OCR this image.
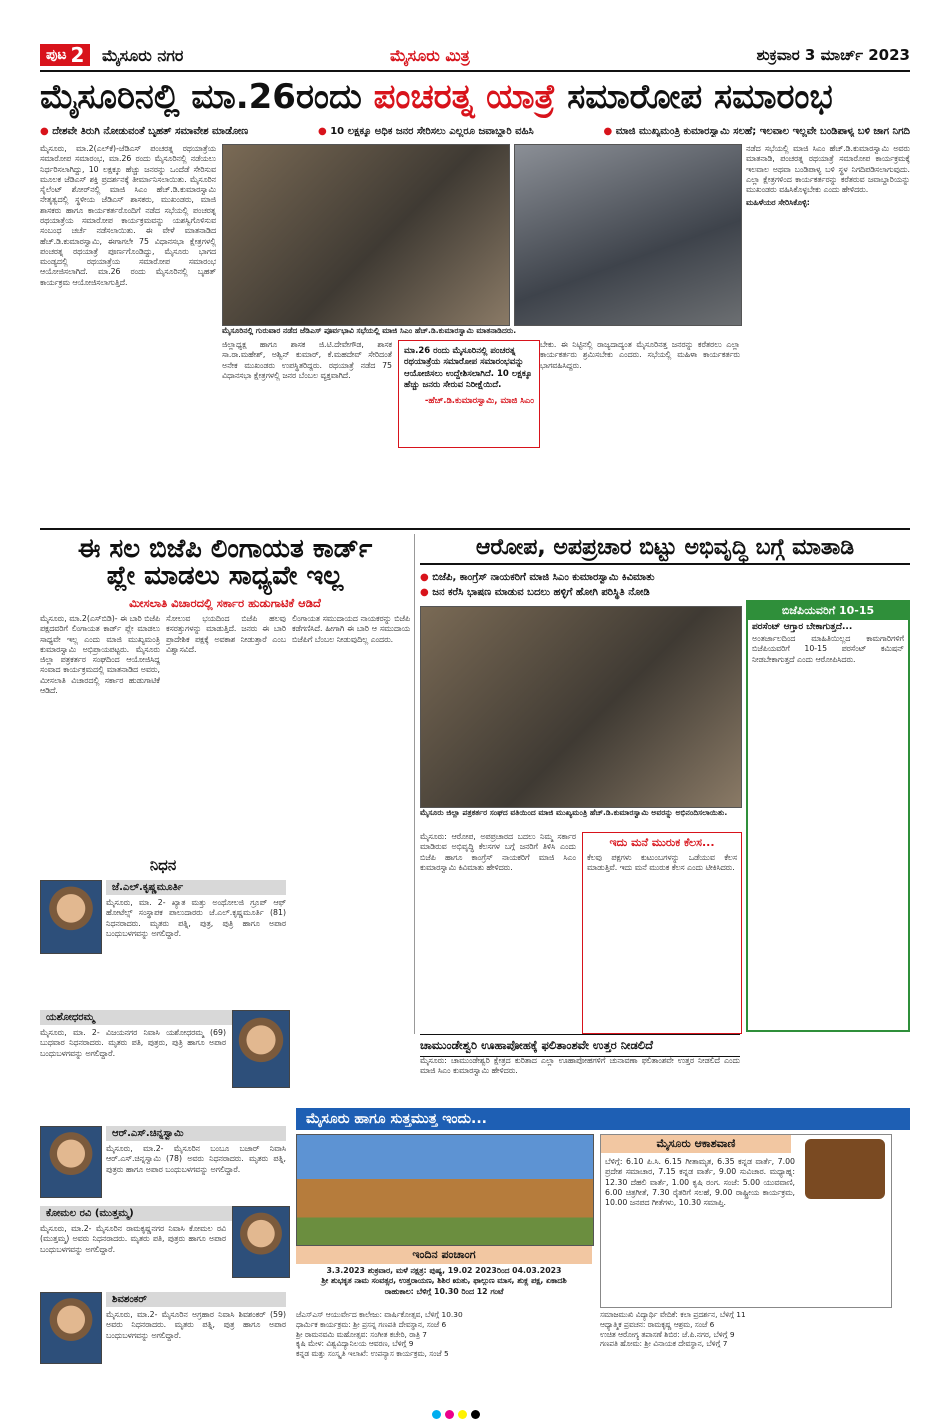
ಪುಟ 2 ಮೈಸೂರು ನಗರ	ಮೈಸೂರು ಮಿತ್ರ	ಶುಕ್ರವಾರ 3 ಮಾರ್ಚ್ 2023
ಮೈಸೂರಿನಲ್ಲಿ ಮಾ.26ರಂದು ಪಂಚರತ್ನ ಯಾತ್ರೆ ಸಮಾರೋಪ ಸಮಾರಂಭ
● ದೇಶವೇ ತಿರುಗಿ ನೋಡುವಂತೆ ಬೃಹತ್ ಸಮಾವೇಶ ಮಾಡೋಣ	● 10 ಲಕ್ಷಕ್ಕೂ ಅಧಿಕ ಜನರ ಸೇರಿಸಲು ಎಲ್ಲರೂ ಜವಾಬ್ದಾರಿ ವಹಿಸಿ	● ಮಾಜಿ ಮುಖ್ಯಮಂತ್ರಿ ಕುಮಾರಸ್ವಾಮಿ ಸಲಹೆ; ಇಲವಾಲ ಇಲ್ಲವೇ ಬಂಡಿಪಾಳ್ಯ ಬಳಿ ಜಾಗ ನಿಗದಿ

ಮೈಸೂರು, ಮಾ.2(ಎಲ್‌ಕೆ)-ಜೆಡಿಎಸ್ ಪಂಚರತ್ನ ರಥಯಾತ್ರೆಯ ಸಮಾರೋಪ ಸಮಾರಂಭ, ಮಾ.26 ರಂದು ಮೈಸೂರಿನಲ್ಲಿ ನಡೆಯಲು ನಿರ್ಧರಿಸಲಾಗಿದ್ದು, 10 ಲಕ್ಷಕ್ಕೂ ಹೆಚ್ಚು ಜನರನ್ನು ಒಂದೆಡೆ ಸೇರಿಸುವ ಮೂಲಕ ಜೆಡಿಎಸ್ ಶಕ್ತಿ ಪ್ರದರ್ಶನಕ್ಕೆ ತೀರ್ಮಾನಿಸಲಾಯಿತು. ಮೈಸೂರಿನ ಸೈಲೆಂಟ್ ಶೋರ್‌ನಲ್ಲಿ ಮಾಜಿ ಸಿಎಂ ಹೆಚ್.ಡಿ.ಕುಮಾರಸ್ವಾಮಿ ನೇತೃತ್ವದಲ್ಲಿ ಸ್ಥಳೀಯ ಜೆಡಿಎಸ್ ಶಾಸಕರು, ಮುಖಂಡರು, ಮಾಜಿ ಶಾಸಕರು ಹಾಗೂ ಕಾರ್ಯಕರ್ತರೊಂದಿಗೆ ನಡೆದ ಸಭೆಯಲ್ಲಿ ಪಂಚರತ್ನ ರಥಯಾತ್ರೆಯ ಸಮಾರೋಪ ಕಾರ್ಯಕ್ರಮವನ್ನು ಯಶಸ್ವಿಗೊಳಿಸುವ ಸಂಬಂಧ ಚರ್ಚೆ ನಡೆಸಲಾಯಿತು. ಈ ವೇಳೆ ಮಾತನಾಡಿದ ಹೆಚ್.ಡಿ.ಕುಮಾರಸ್ವಾಮಿ, ಈಗಾಗಲೇ 75 ವಿಧಾನಸಭಾ ಕ್ಷೇತ್ರಗಳಲ್ಲಿ ಪಂಚರತ್ನ ರಥಯಾತ್ರೆ ಪೂರ್ಣಗೊಂಡಿದ್ದು, ಮೈಸೂರು ಭಾಗದ ಮಂಡ್ಯದಲ್ಲಿ ರಥಯಾತ್ರೆಯ ಸಮಾರೋಪ ಸಮಾರಂಭ ಆಯೋಜಿಸಲಾಗಿದೆ. ಮಾ.26 ರಂದು ಮೈಸೂರಿನಲ್ಲಿ ಬೃಹತ್ ಕಾರ್ಯಕ್ರಮ ಆಯೋಜಿಸಲಾಗುತ್ತಿದೆ.

ಮೈಸೂರಿನಲ್ಲಿ ಗುರುವಾರ ನಡೆದ ಜೆಡಿಎಸ್ ಪೂರ್ವಭಾವಿ ಸಭೆಯಲ್ಲಿ ಮಾಜಿ ಸಿಎಂ ಹೆಚ್.ಡಿ.ಕುಮಾರಸ್ವಾಮಿ ಮಾತನಾಡಿದರು.

ಜಿಲ್ಲಾಧ್ಯಕ್ಷ ಹಾಗೂ ಶಾಸಕ ಜಿ.ಟಿ.ದೇವೇಗೌಡ, ಶಾಸಕ ಸಾ.ರಾ.ಮಹೇಶ್, ಅಶ್ವಿನ್ ಕುಮಾರ್, ಕೆ.ಮಹದೇವ್ ಸೇರಿದಂತೆ ಅನೇಕ ಮುಖಂಡರು ಉಪಸ್ಥಿತರಿದ್ದರು. ರಥಯಾತ್ರೆ ನಡೆದ 75 ವಿಧಾನಸಭಾ ಕ್ಷೇತ್ರಗಳಲ್ಲಿ ಜನರ ಬೆಂಬಲ ವ್ಯಕ್ತವಾಗಿದೆ.

ಮಾ.26 ರಂದು ಮೈಸೂರಿನಲ್ಲಿ ಪಂಚರತ್ನ ರಥಯಾತ್ರೆಯ ಸಮಾರೋಪ ಸಮಾರಂಭವನ್ನು ಆಯೋಜಿಸಲು ಉದ್ದೇಶಿಸಲಾಗಿದೆ. 10 ಲಕ್ಷಕ್ಕೂ ಹೆಚ್ಚು ಜನರು ಸೇರುವ ನಿರೀಕ್ಷೆಯಿದೆ.
-ಹೆಚ್.ಡಿ.ಕುಮಾರಸ್ವಾಮಿ, ಮಾಜಿ ಸಿಎಂ

ಬೇಕು. ಈ ನಿಟ್ಟಿನಲ್ಲಿ ರಾಜ್ಯದಾದ್ಯಂತ ಮೈಸೂರಿನತ್ತ ಜನರನ್ನು ಕರೆತರಲು ಎಲ್ಲಾ ಕಾರ್ಯಕರ್ತರು ಶ್ರಮಿಸಬೇಕು ಎಂದರು. ಸಭೆಯಲ್ಲಿ ಮಹಿಳಾ ಕಾರ್ಯಕರ್ತರು ಭಾಗವಹಿಸಿದ್ದರು.

ನಡೆದ ಸಭೆಯಲ್ಲಿ ಮಾಜಿ ಸಿಎಂ ಹೆಚ್.ಡಿ.ಕುಮಾರಸ್ವಾಮಿ ಅವರು ಮಾತನಾಡಿ, ಪಂಚರತ್ನ ರಥಯಾತ್ರೆ ಸಮಾರೋಪ ಕಾರ್ಯಕ್ರಮಕ್ಕೆ ಇಲವಾಲ ಅಥವಾ ಬಂಡಿಪಾಳ್ಯ ಬಳಿ ಸ್ಥಳ ನಿಗದಿಪಡಿಸಲಾಗುವುದು. ಎಲ್ಲಾ ಕ್ಷೇತ್ರಗಳಿಂದ ಕಾರ್ಯಕರ್ತರನ್ನು ಕರೆತರುವ ಜವಾಬ್ದಾರಿಯನ್ನು ಮುಖಂಡರು ವಹಿಸಿಕೊಳ್ಳಬೇಕು ಎಂದು ಹೇಳಿದರು.

ಮಹಿಳೆಯರ ಸೇರಿಸಿಕೊಳ್ಳಿ:

ಈ ಸಲ ಬಿಜೆಪಿ ಲಿಂಗಾಯತ ಕಾರ್ಡ್
ಪ್ಲೇ ಮಾಡಲು ಸಾಧ್ಯವೇ ಇಲ್ಲ
ಮೀಸಲಾತಿ ವಿಚಾರದಲ್ಲಿ ಸರ್ಕಾರ ಹುಡುಗಾಟಿಕೆ ಆಡಿದೆ

ಮೈಸೂರು, ಮಾ.2(ಎಸ್‌ಬಿಡಿ)- ಈ ಬಾರಿ ಬಿಜೆಪಿ ಪಕ್ಷದವರಿಗೆ ಲಿಂಗಾಯತ ಕಾರ್ಡ್ ಪ್ಲೇ ಮಾಡಲು ಸಾಧ್ಯವೇ ಇಲ್ಲ ಎಂದು ಮಾಜಿ ಮುಖ್ಯಮಂತ್ರಿ ಕುಮಾರಸ್ವಾಮಿ ಅಭಿಪ್ರಾಯಪಟ್ಟರು. ಮೈಸೂರು ಜಿಲ್ಲಾ ಪತ್ರಕರ್ತರ ಸಂಘದಿಂದ ಆಯೋಜಿಸಿದ್ದ ಸಂವಾದ ಕಾರ್ಯಕ್ರಮದಲ್ಲಿ ಮಾತನಾಡಿದ ಅವರು, ಮೀಸಲಾತಿ ವಿಚಾರದಲ್ಲಿ ಸರ್ಕಾರ ಹುಡುಗಾಟಿಕೆ ಆಡಿದೆ.

ಸೋಲುವ ಭಯದಿಂದ ಬಿಜೆಪಿ ಹಲವು ಕಸರತ್ತುಗಳನ್ನು ಮಾಡುತ್ತಿದೆ. ಜನರು ಈ ಬಾರಿ ಪ್ರಾದೇಶಿಕ ಪಕ್ಷಕ್ಕೆ ಅವಕಾಶ ನೀಡುತ್ತಾರೆ ಎಂಬ ವಿಶ್ವಾಸವಿದೆ.

ಲಿಂಗಾಯತ ಸಮುದಾಯದ ನಾಯಕರನ್ನು ಬಿಜೆಪಿ ಕಡೆಗಣಿಸಿದೆ. ಹೀಗಾಗಿ ಈ ಬಾರಿ ಆ ಸಮುದಾಯ ಬಿಜೆಪಿಗೆ ಬೆಂಬಲ ನೀಡುವುದಿಲ್ಲ ಎಂದರು.

ನಿಧನ
ಜೆ.ಎಲ್.ಕೃಷ್ಣಮೂರ್ತಿ

ಮೈಸೂರು, ಮಾ. 2- ಖ್ಯಾತ ಮತ್ತು ಅಂಥೋಲಜಿ ಗ್ರೂಪ್ ಆಫ್ ಹೋಟೆಲ್ಸ್ ಸಂಸ್ಥಾಪಕ ಪಾಲುದಾರರು ಜೆ.ಎಲ್.ಕೃಷ್ಣಮೂರ್ತಿ (81) ನಿಧನರಾದರು. ಮೃತರು ಪತ್ನಿ, ಪುತ್ರ, ಪುತ್ರಿ ಹಾಗೂ ಅಪಾರ ಬಂಧುಬಳಗವನ್ನು ಅಗಲಿದ್ದಾರೆ.

ಯಶೋಧರಮ್ಮ

ಮೈಸೂರು, ಮಾ. 2- ವಿಜಯನಗರ ನಿವಾಸಿ ಯಶೋಧರಮ್ಮ (69) ಬುಧವಾರ ನಿಧನರಾದರು. ಮೃತರು ಪತಿ, ಪುತ್ರರು, ಪುತ್ರಿ ಹಾಗೂ ಅಪಾರ ಬಂಧುಬಳಗವನ್ನು ಅಗಲಿದ್ದಾರೆ.

ಆರ್.ಎಸ್.ಚಿನ್ನಸ್ವಾಮಿ

ಮೈಸೂರು, ಮಾ.2- ಮೈಸೂರಿನ ಬಂಬೂ ಬಜಾರ್ ನಿವಾಸಿ ಆರ್.ಎಸ್.ಚಿನ್ನಸ್ವಾಮಿ (78) ಅವರು ನಿಧನರಾದರು. ಮೃತರು ಪತ್ನಿ, ಪುತ್ರರು ಹಾಗೂ ಅಪಾರ ಬಂಧುಬಳಗವನ್ನು ಅಗಲಿದ್ದಾರೆ.

ಕೋಮಲ ರವಿ (ಮುತ್ತಮ್ಮ)

ಮೈಸೂರು, ಮಾ.2- ಮೈಸೂರಿನ ರಾಮಕೃಷ್ಣನಗರ ನಿವಾಸಿ ಕೋಮಲ ರವಿ (ಮುತ್ತಮ್ಮ) ಅವರು ನಿಧನರಾದರು. ಮೃತರು ಪತಿ, ಪುತ್ರರು ಹಾಗೂ ಅಪಾರ ಬಂಧುಬಳಗವನ್ನು ಅಗಲಿದ್ದಾರೆ.

ಶಿವಶಂಕರ್

ಮೈಸೂರು, ಮಾ.2- ಮೈಸೂರಿನ ಅಗ್ರಹಾರ ನಿವಾಸಿ ಶಿವಶಂಕರ್ (59) ಅವರು ನಿಧನರಾದರು. ಮೃತರು ಪತ್ನಿ, ಪುತ್ರ ಹಾಗೂ ಅಪಾರ ಬಂಧುಬಳಗವನ್ನು ಅಗಲಿದ್ದಾರೆ.

ಆರೋಪ, ಅಪಪ್ರಚಾರ ಬಿಟ್ಟು ಅಭಿವೃದ್ಧಿ ಬಗ್ಗೆ ಮಾತಾಡಿ
● ಬಿಜೆಪಿ, ಕಾಂಗ್ರೆಸ್ ನಾಯಕರಿಗೆ ಮಾಜಿ ಸಿಎಂ ಕುಮಾರಸ್ವಾಮಿ ಕಿವಿಮಾತು
● ಜನ ಕರೆಸಿ ಭಾಷಣ ಮಾಡುವ ಬದಲು ಹಳ್ಳಿಗೆ ಹೋಗಿ ಪರಿಸ್ಥಿತಿ ನೋಡಿ
ಮೈಸೂರು ಜಿಲ್ಲಾ ಪತ್ರಕರ್ತರ ಸಂಘದ ವತಿಯಿಂದ ಮಾಜಿ ಮುಖ್ಯಮಂತ್ರಿ ಹೆಚ್.ಡಿ.ಕುಮಾರಸ್ವಾಮಿ ಅವರನ್ನು ಅಭಿನಂದಿಸಲಾಯಿತು.

ಮೈಸೂರು: ಆರೋಪ, ಅಪಪ್ರಚಾರದ ಬದಲು ನಿಮ್ಮ ಸರ್ಕಾರ ಮಾಡಿರುವ ಅಭಿವೃದ್ಧಿ ಕೆಲಸಗಳ ಬಗ್ಗೆ ಜನರಿಗೆ ತಿಳಿಸಿ ಎಂದು ಬಿಜೆಪಿ ಹಾಗೂ ಕಾಂಗ್ರೆಸ್ ನಾಯಕರಿಗೆ ಮಾಜಿ ಸಿಎಂ ಕುಮಾರಸ್ವಾಮಿ ಕಿವಿಮಾತು ಹೇಳಿದರು.

ಇದು ಮನೆ ಮುರುಕ ಕೆಲಸ...
ಕೆಲವು ಪಕ್ಷಗಳು ಕುಟುಂಬಗಳನ್ನು ಒಡೆಯುವ ಕೆಲಸ ಮಾಡುತ್ತಿವೆ. ಇದು ಮನೆ ಮುರುಕ ಕೆಲಸ ಎಂದು ಟೀಕಿಸಿದರು.
ಬಿಜೆಪಿಯವರಿಗೆ 10-15
ಪರಸೆಂಟ್ ಆಗ್ತಾರ ಬೇಕಾಗುತ್ತದೆ...
ಅಂತರ್ಜಾಲದಿಂದ ಮಾಹಿತಿಯಿಲ್ಲದ ಕಾಮಗಾರಿಗಳಿಗೆ ಬಿಜೆಪಿಯವರಿಗೆ 10-15 ಪರಸೆಂಟ್ ಕಮಿಷನ್ ನೀಡಬೇಕಾಗುತ್ತದೆ ಎಂದು ಆರೋಪಿಸಿದರು.
ಚಾಮುಂಡೇಶ್ವರಿ ಊಹಾಪೋಹಕ್ಕೆ ಫಲಿತಾಂಶವೇ ಉತ್ತರ ನೀಡಲಿದೆ

ಮೈಸೂರು: ಚಾಮುಂಡೇಶ್ವರಿ ಕ್ಷೇತ್ರದ ಕುರಿತಾದ ಎಲ್ಲಾ ಊಹಾಪೋಹಗಳಿಗೆ ಚುನಾವಣಾ ಫಲಿತಾಂಶವೇ ಉತ್ತರ ನೀಡಲಿದೆ ಎಂದು ಮಾಜಿ ಸಿಎಂ ಕುಮಾರಸ್ವಾಮಿ ಹೇಳಿದರು.

ಮೈಸೂರು ಹಾಗೂ ಸುತ್ತಮುತ್ತ ಇಂದು...
ಇಂದಿನ ಪಂಚಾಂಗ
3.3.2023 ಶುಕ್ರವಾರ, ಮಳೆ ನಕ್ಷತ್ರ: ಪುಷ್ಯ, 19.02 2023ರಿಂದ 04.03.2023
ಶ್ರೀ ಶುಭಕೃತ ನಾಮ ಸಂವತ್ಸರ, ಉತ್ತರಾಯಣ, ಶಿಶಿರ ಋತು, ಫಾಲ್ಗುಣ ಮಾಸ, ಶುಕ್ಲ ಪಕ್ಷ, ಏಕಾದಶಿ
ರಾಹುಕಾಲ: ಬೆಳಿಗ್ಗೆ 10.30 ರಿಂದ 12 ಗಂಟೆ
ಮೈಸೂರು ಆಕಾಶವಾಣಿ
ಬೆಳಿಗ್ಗೆ: 6.10 ಪಿ.ಸಿ. 6.15 ಗೀತಾಮೃತ, 6.35 ಕನ್ನಡ ವಾರ್ತೆ, 7.00 ಪ್ರದೇಶ ಸಮಾಚಾರ, 7.15 ಕನ್ನಡ ವಾರ್ತೆ, 9.00 ಸುವಿಚಾರ. ಮಧ್ಯಾಹ್ನ: 12.30 ದೆಹಲಿ ವಾರ್ತೆ, 1.00 ಕೃಷಿ ರಂಗ. ಸಂಜೆ: 5.00 ಯುವವಾಣಿ, 6.00 ಚಿತ್ರಗೀತೆ, 7.30 ರೈತರಿಗೆ ಸಲಹೆ, 9.00 ರಾಷ್ಟ್ರೀಯ ಕಾರ್ಯಕ್ರಮ, 10.00 ಜನಪದ ಗೀತೆಗಳು, 10.30 ಸಮಾಪ್ತಿ.
ಜೆಎಸ್‌ಎಸ್ ಆಯುರ್ವೇದ ಕಾಲೇಜು: ವಾರ್ಷಿಕೋತ್ಸವ, ಬೆಳಿಗ್ಗೆ 10.30
ಧಾರ್ಮಿಕ ಕಾರ್ಯಕ್ರಮ: ಶ್ರೀ ಪ್ರಸನ್ನ ಗಣಪತಿ ದೇವಸ್ಥಾನ, ಸಂಜೆ 6
ಶ್ರೀ ರಾಮನವಮಿ ಮಹೋತ್ಸವ: ಸಂಗೀತ ಕಚೇರಿ, ರಾತ್ರಿ 7
ಕೃಷಿ ಮೇಳ: ವಿಶ್ವವಿದ್ಯಾನಿಲಯ ಆವರಣ, ಬೆಳಿಗ್ಗೆ 9
ಕನ್ನಡ ಮತ್ತು ಸಂಸ್ಕೃತಿ ಇಲಾಖೆ: ಉಪನ್ಯಾಸ ಕಾರ್ಯಕ್ರಮ, ಸಂಜೆ 5
ಸಮಾಜಮುಖಿ ವಿದ್ಯಾರ್ಥಿ ವೇದಿಕೆ: ಕಲಾ ಪ್ರದರ್ಶನ, ಬೆಳಿಗ್ಗೆ 11
ಆಧ್ಯಾತ್ಮಿಕ ಪ್ರವಚನ: ರಾಮಕೃಷ್ಣ ಆಶ್ರಮ, ಸಂಜೆ 6
ಉಚಿತ ಆರೋಗ್ಯ ತಪಾಸಣೆ ಶಿಬಿರ: ಜೆ.ಪಿ.ನಗರ, ಬೆಳಿಗ್ಗೆ 9
ಗಣಪತಿ ಹೋಮ: ಶ್ರೀ ವಿನಾಯಕ ದೇವಸ್ಥಾನ, ಬೆಳಿಗ್ಗೆ 7
